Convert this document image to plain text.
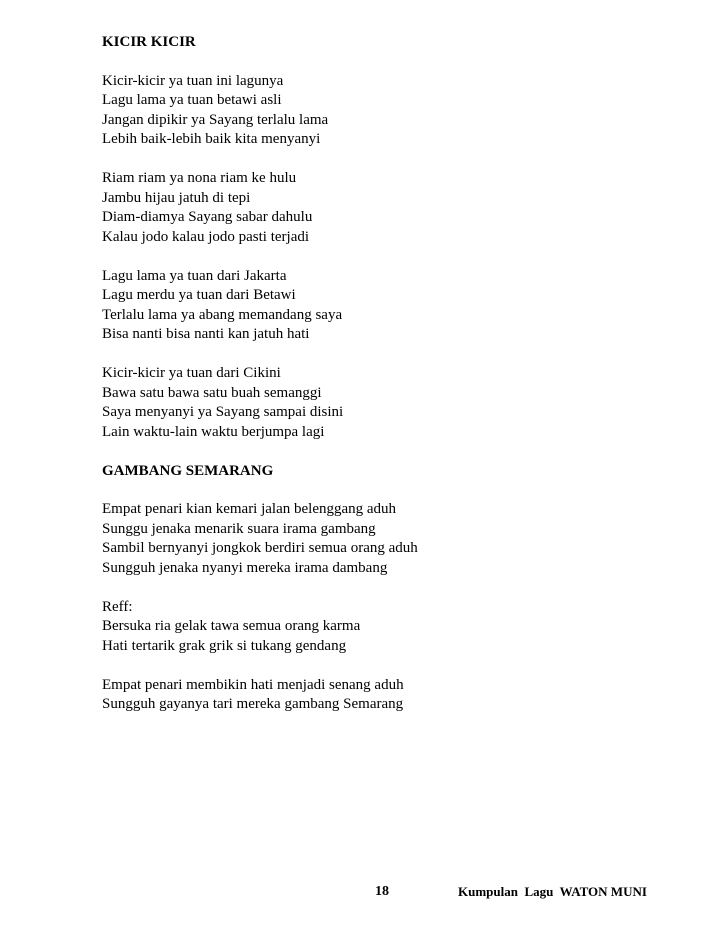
KICIR KICIR
Kicir-kicir ya tuan ini lagunya
Lagu lama ya tuan betawi asli
Jangan dipikir ya Sayang terlalu lama
Lebih baik-lebih baik kita menyanyi
Riam riam ya nona riam ke hulu
Jambu hijau jatuh di tepi
Diam-diamya Sayang sabar dahulu
Kalau jodo kalau jodo pasti terjadi
Lagu lama ya tuan dari Jakarta
Lagu merdu ya tuan dari Betawi
Terlalu lama ya abang memandang saya
Bisa nanti bisa nanti kan jatuh hati
Kicir-kicir ya tuan dari Cikini
Bawa satu bawa satu buah semanggi
Saya menyanyi ya Sayang sampai disini
Lain waktu-lain waktu berjumpa lagi
GAMBANG SEMARANG
Empat penari kian kemari jalan belenggang aduh
Sunggu jenaka menarik suara irama gambang
Sambil bernyanyi jongkok berdiri semua orang aduh
Sungguh jenaka nyanyi mereka irama dambang
Reff:
Bersuka ria gelak tawa semua orang karma
Hati tertarik grak grik si tukang gendang
Empat penari membikin hati menjadi senang aduh
Sungguh gayanya tari mereka gambang Semarang
18	Kumpulan  Lagu  WATON MUNI
